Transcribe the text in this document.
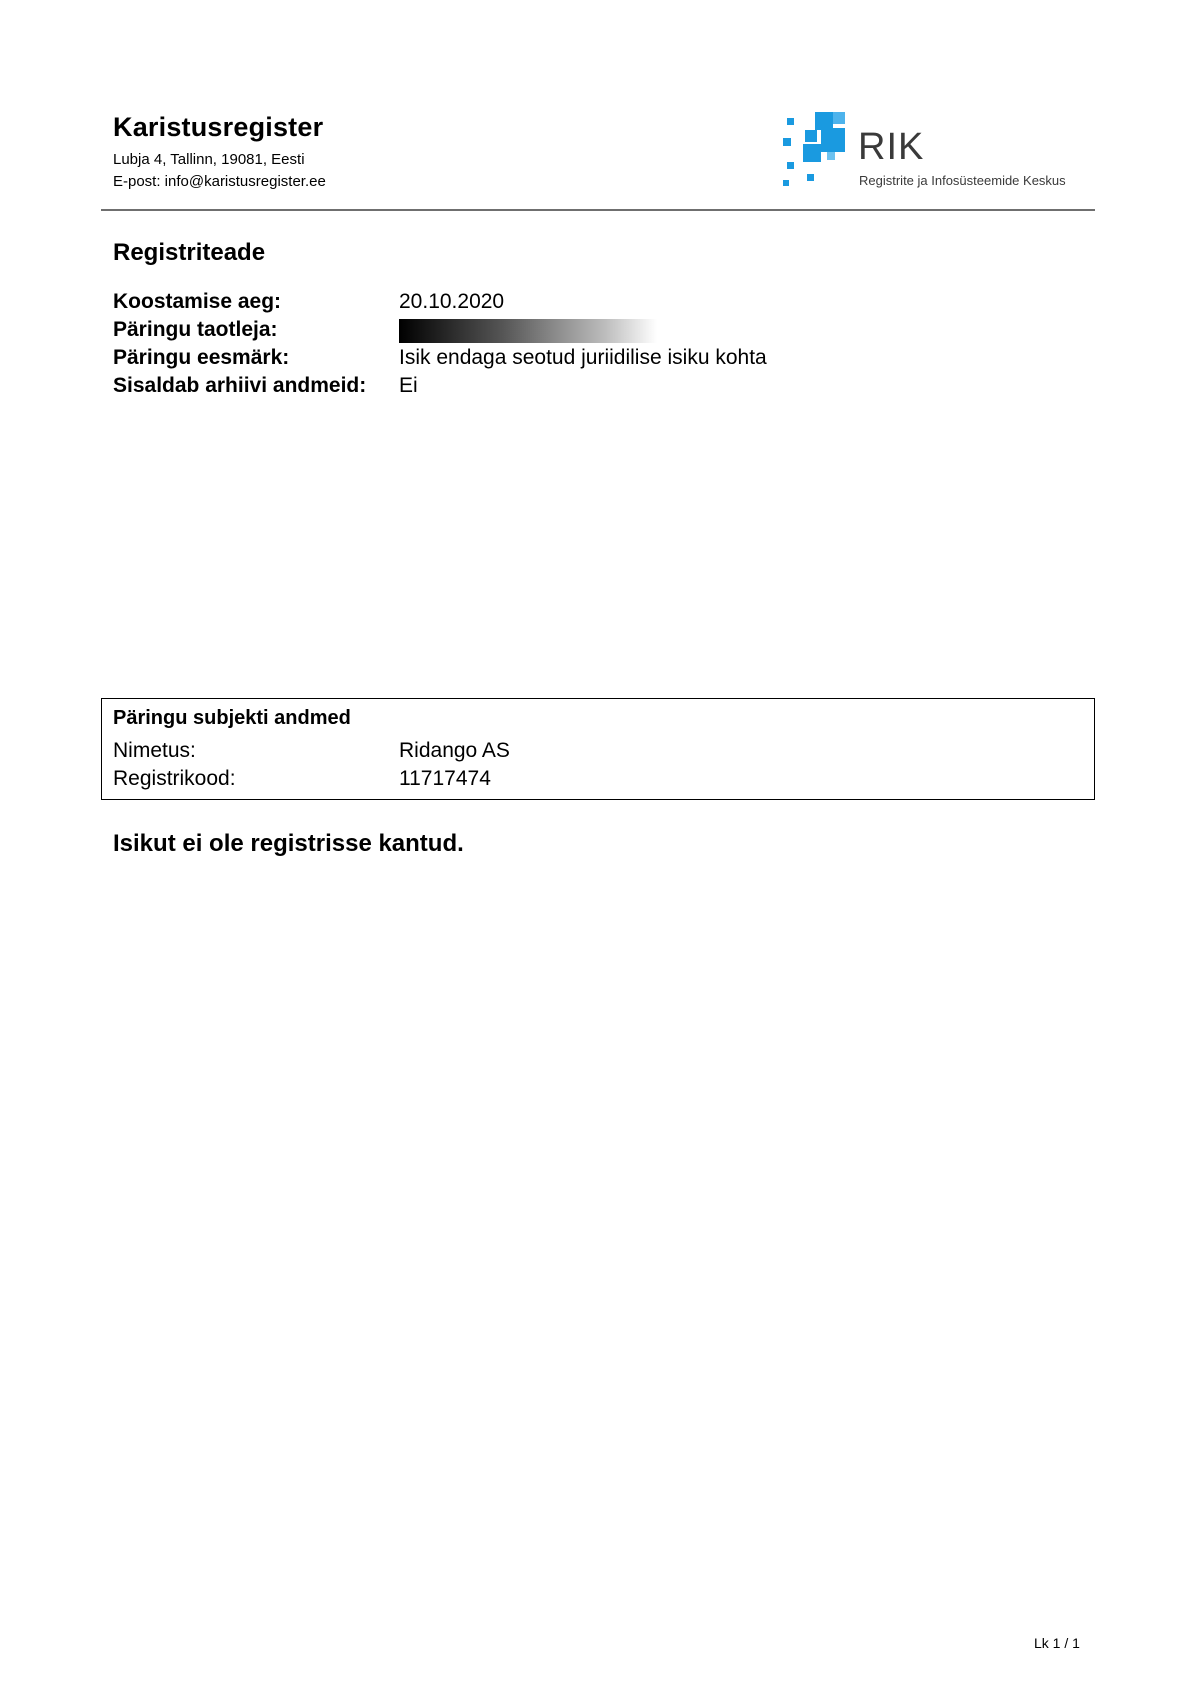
Karistusregister
Lubja 4, Tallinn, 19081, Eesti
E-post: info@karistusregister.ee
RIK
Registrite ja Infosüsteemide Keskus
Registriteade
Koostamise aeg:	20.10.2020
Päringu taotleja:
Päringu eesmärk:	Isik endaga seotud juriidilise isiku kohta
Sisaldab arhiivi andmeid: Ei
Päringu subjekti andmed
Nimetus:	Ridango AS
Registrikood:	11717474
Isikut ei ole registrisse kantud.
Lk 1 / 1
